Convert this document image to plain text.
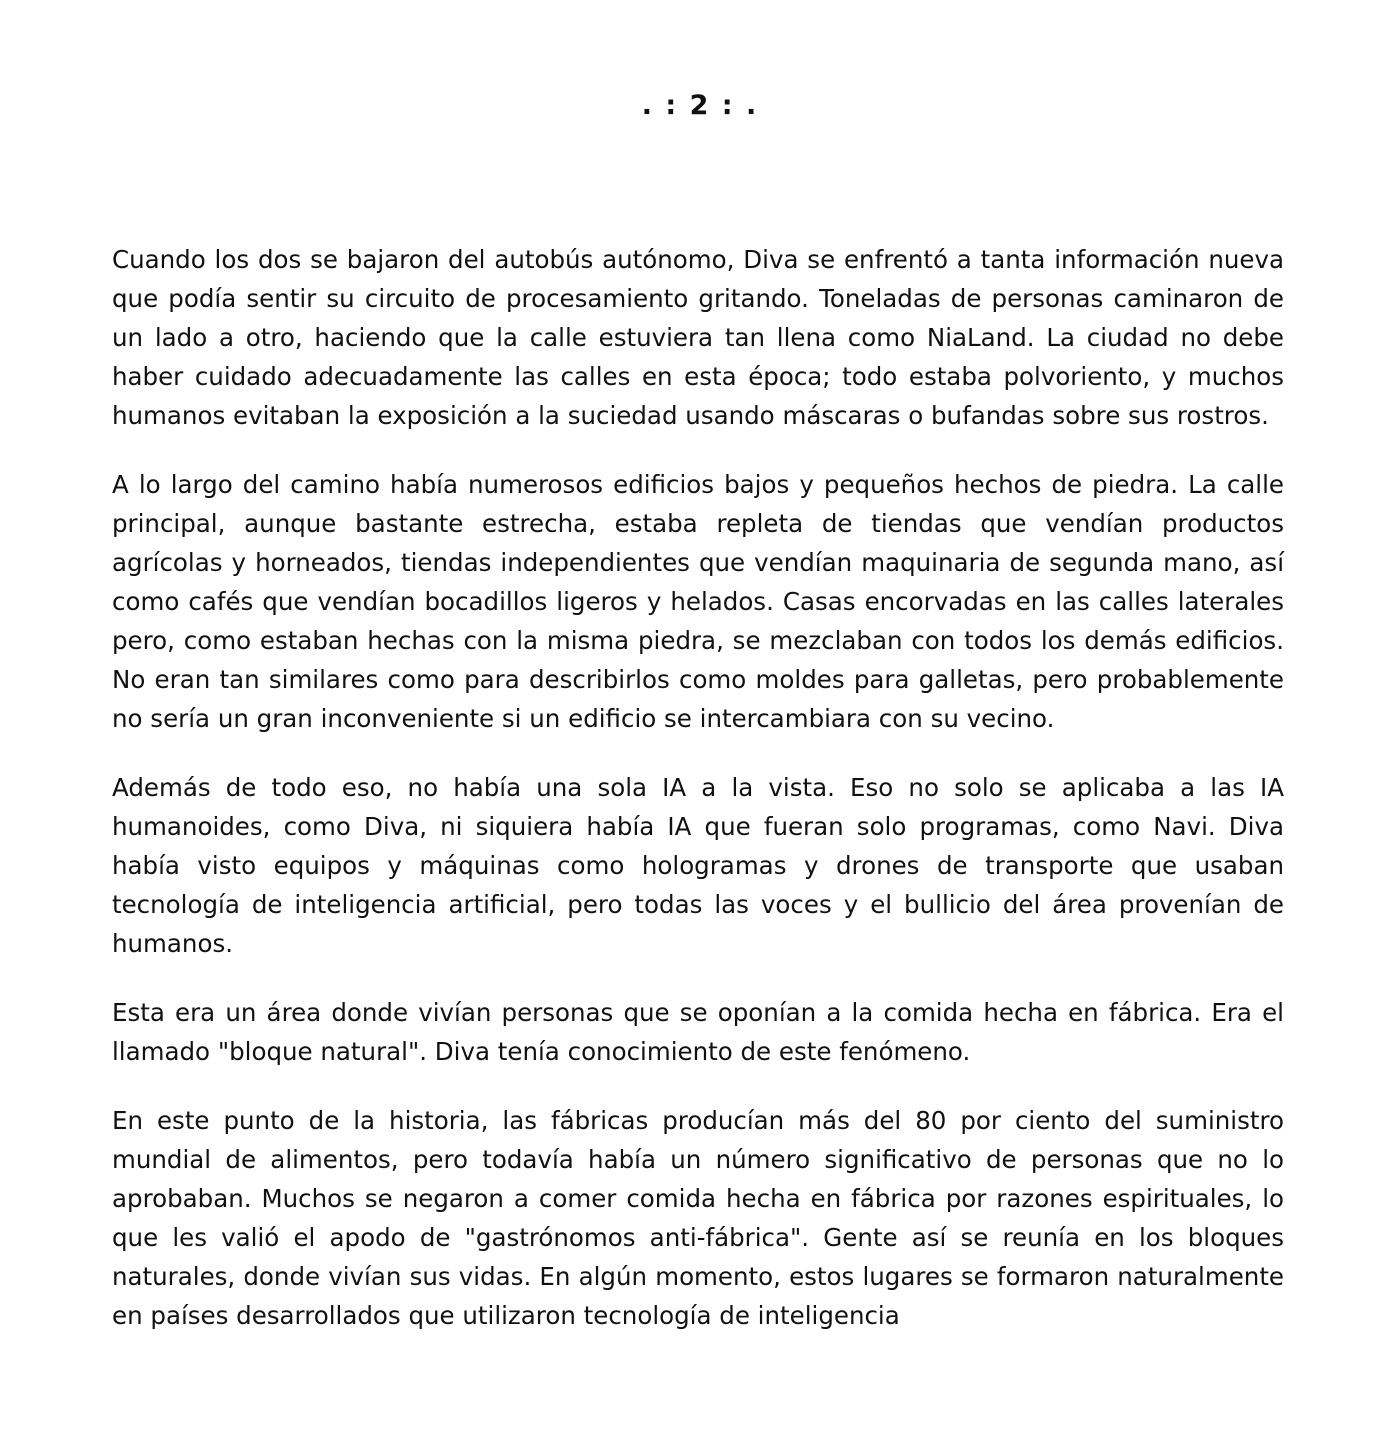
. : 2 : .

Cuando los dos se bajaron del autobús autónomo, Diva se enfrentó a tanta información nueva que podía sentir su circuito de procesamiento gritando. Toneladas de personas caminaron de un lado a otro, haciendo que la calle estuviera tan llena como NiaLand. La ciudad no debe haber cuidado adecuadamente las calles en esta época; todo estaba polvoriento, y muchos humanos evitaban la exposición a la suciedad usando máscaras o bufandas sobre sus rostros.

A lo largo del camino había numerosos edificios bajos y pequeños hechos de piedra. La calle principal, aunque bastante estrecha, estaba repleta de tiendas que vendían productos agrícolas y horneados, tiendas independientes que vendían maquinaria de segunda mano, así como cafés que vendían bocadillos ligeros y helados. Casas encorvadas en las calles laterales pero, como estaban hechas con la misma piedra, se mezclaban con todos los demás edificios. No eran tan similares como para describirlos como moldes para galletas, pero probablemente no sería un gran inconveniente si un edificio se intercambiara con su vecino.

Además de todo eso, no había una sola IA a la vista. Eso no solo se aplicaba a las IA humanoides, como Diva, ni siquiera había IA que fueran solo programas, como Navi. Diva había visto equipos y máquinas como hologramas y drones de transporte que usaban tecnología de inteligencia artificial, pero todas las voces y el bullicio del área provenían de humanos.

Esta era un área donde vivían personas que se oponían a la comida hecha en fábrica. Era el llamado "bloque natural". Diva tenía conocimiento de este fenómeno.

En este punto de la historia, las fábricas producían más del 80 por ciento del suministro mundial de alimentos, pero todavía había un número significativo de personas que no lo aprobaban. Muchos se negaron a comer comida hecha en fábrica por razones espirituales, lo que les valió el apodo de "gastrónomos anti-fábrica". Gente así se reunía en los bloques naturales, donde vivían sus vidas. En algún momento, estos lugares se formaron naturalmente en países desarrollados que utilizaron tecnología de inteligencia
